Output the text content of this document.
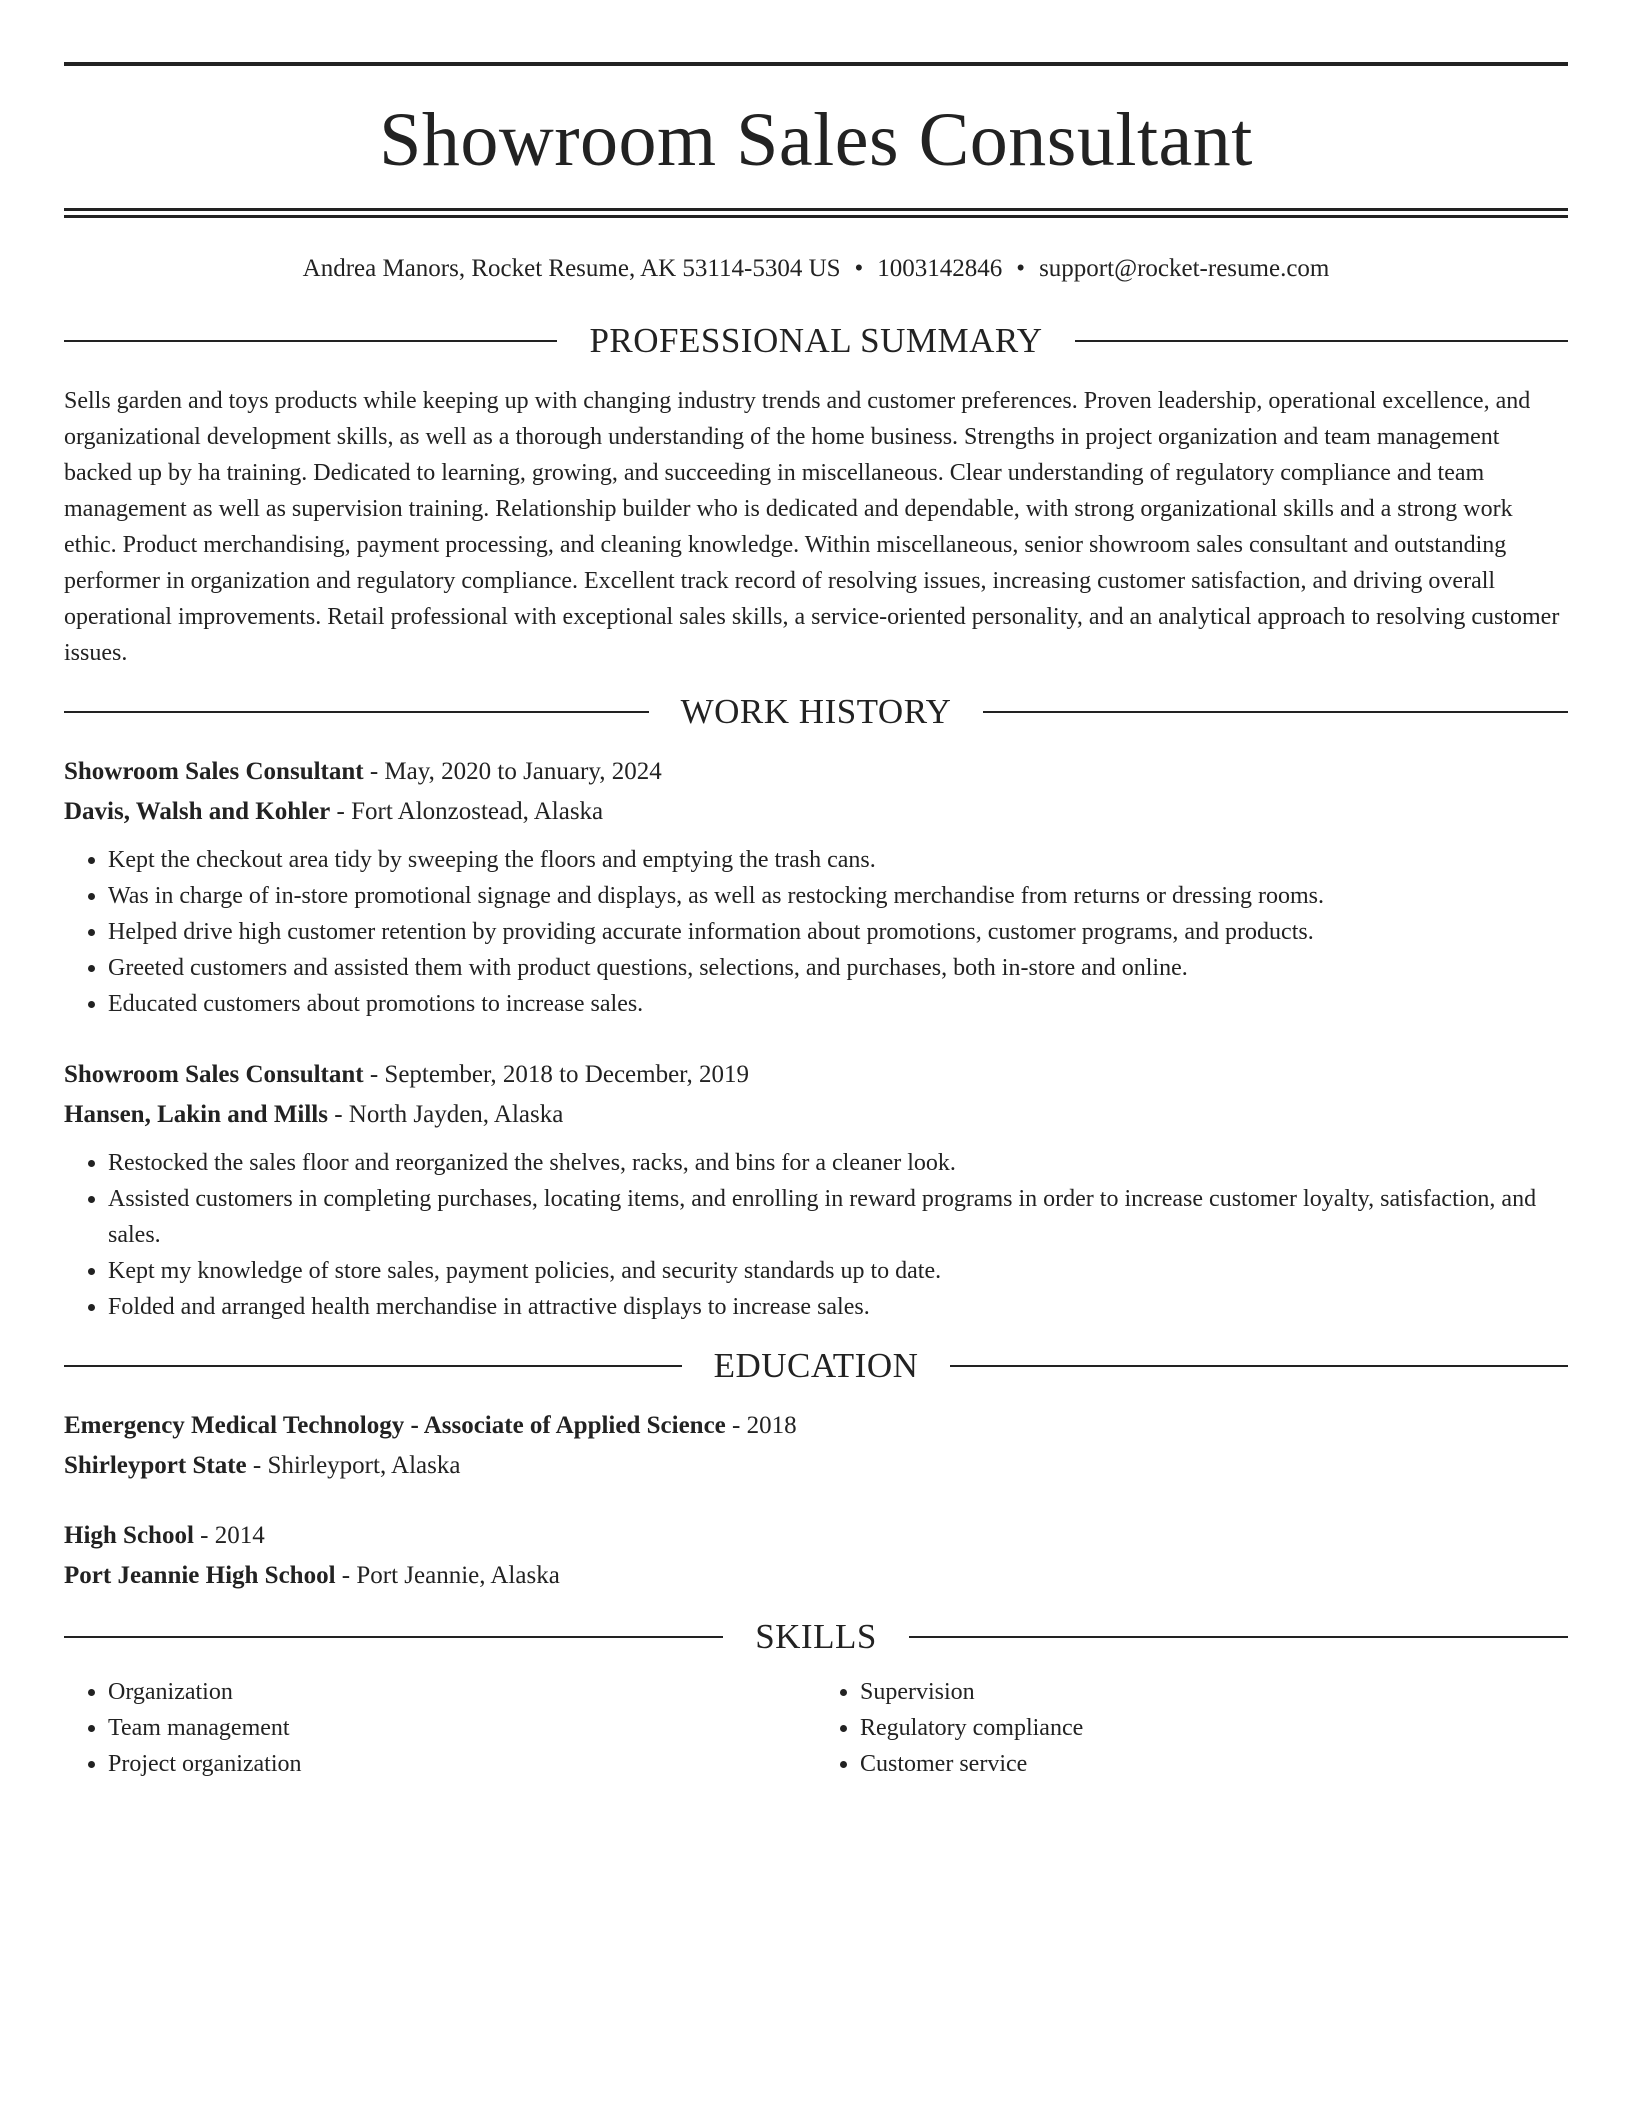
Showroom Sales Consultant
Andrea Manors, Rocket Resume, AK 53114-5304 US • 1003142846 • support@rocket-resume.com
PROFESSIONAL SUMMARY

Sells garden and toys products while keeping up with changing industry trends and customer preferences. Proven leadership, operational excellence, and organizational development skills, as well as a thorough understanding of the home business. Strengths in project organization and team management backed up by ha training. Dedicated to learning, growing, and succeeding in miscellaneous. Clear understanding of regulatory compliance and team management as well as supervision training. Relationship builder who is dedicated and dependable, with strong organizational skills and a strong work ethic. Product merchandising, payment processing, and cleaning knowledge. Within miscellaneous, senior showroom sales consultant and outstanding performer in organization and regulatory compliance. Excellent track record of resolving issues, increasing customer satisfaction, and driving overall operational improvements. Retail professional with exceptional sales skills, a service-oriented personality, and an analytical approach to resolving customer issues.

WORK HISTORY

Showroom Sales Consultant - May, 2020 to January, 2024

Davis, Walsh and Kohler - Fort Alonzostead, Alaska

• Kept the checkout area tidy by sweeping the floors and emptying the trash cans.
• Was in charge of in-store promotional signage and displays, as well as restocking merchandise from returns or dressing rooms.
• Helped drive high customer retention by providing accurate information about promotions, customer programs, and products.
• Greeted customers and assisted them with product questions, selections, and purchases, both in-store and online.
• Educated customers about promotions to increase sales.

Showroom Sales Consultant - September, 2018 to December, 2019

Hansen, Lakin and Mills - North Jayden, Alaska

• Restocked the sales floor and reorganized the shelves, racks, and bins for a cleaner look.
• Assisted customers in completing purchases, locating items, and enrolling in reward programs in order to increase customer loyalty, satisfaction, and sales.
• Kept my knowledge of store sales, payment policies, and security standards up to date.
• Folded and arranged health merchandise in attractive displays to increase sales.
EDUCATION

Emergency Medical Technology - Associate of Applied Science - 2018

Shirleyport State - Shirleyport, Alaska

High School - 2014

Port Jeannie High School - Port Jeannie, Alaska

SKILLS
• Organization
• Team management
• Project organization
• Supervision
• Regulatory compliance
• Customer service
